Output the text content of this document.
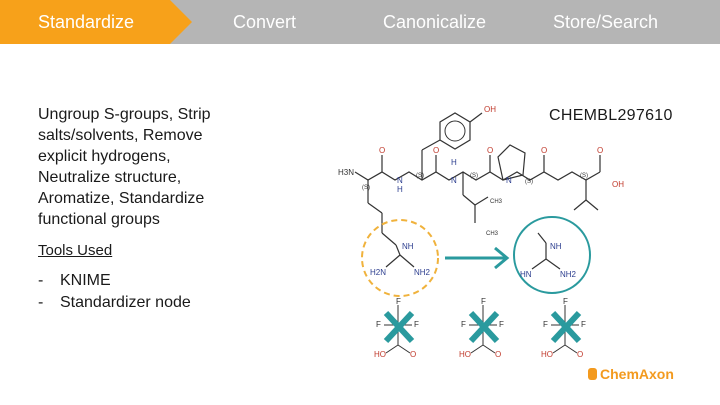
Standardize	Convert	Canonicalize	Store/Search
Ungroup S-groups, Strip salts/solvents, Remove explicit hydrogens, Neutralize structure, Aromatize, Standardize functional groups
Tools Used
- KNIME
- Standardizer node
CHEMBL297610
OH
H3N
O	O	O	O	O
N
H
N
H
N
(S)
(S)	(S)
(S)
(S)
OH
CH3
CH3
NH
H2N	NH2
NH
HN	NH2
F
F	F
HO	O
F
F	F
HO	O
F
F	F
HO	O
ChemAxon
